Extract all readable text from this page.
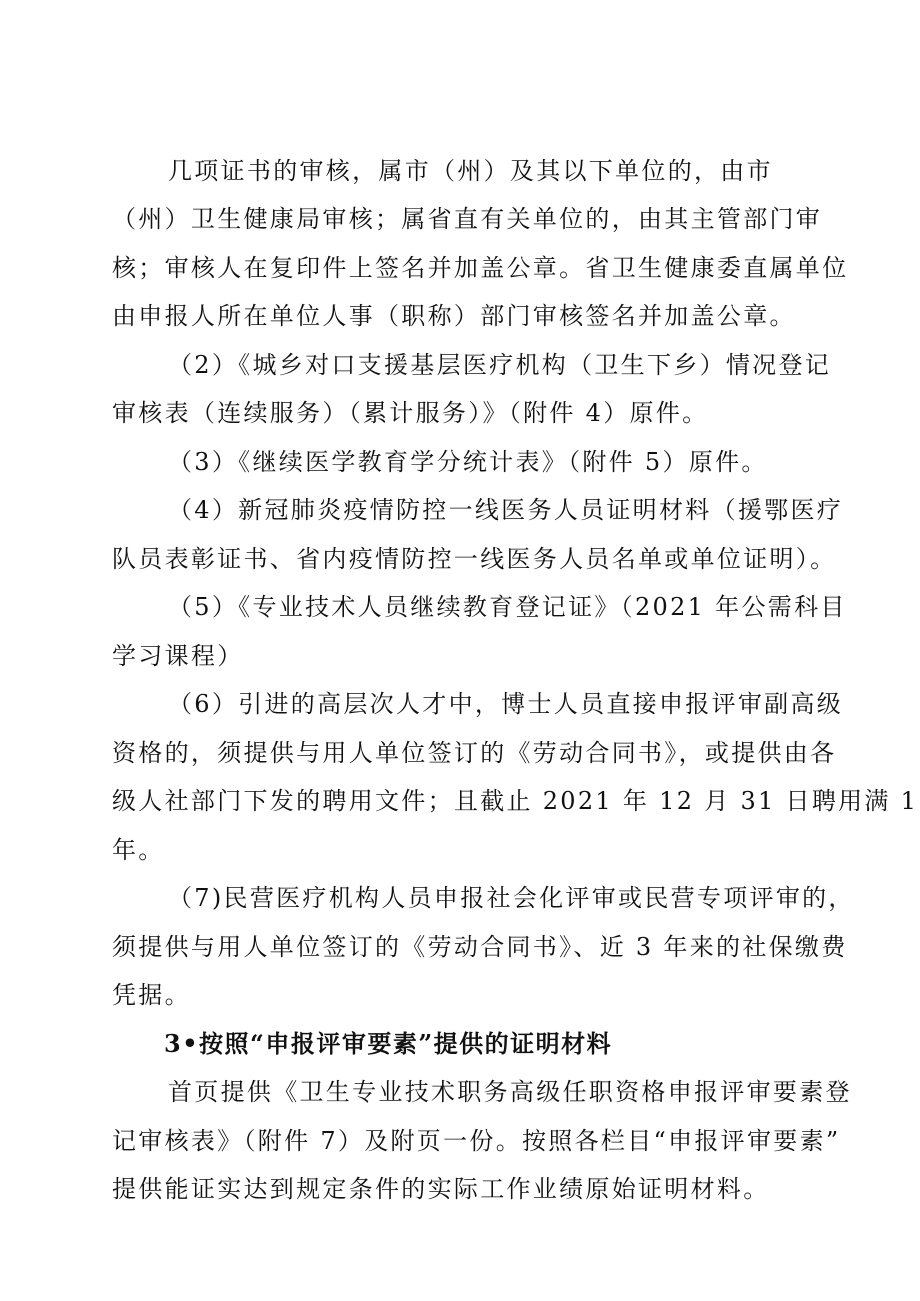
几项证书的审核，属市（州）及其以下单位的，由市
（州）卫生健康局审核；属省直有关单位的，由其主管部门审
核；审核人在复印件上签名并加盖公章。省卫生健康委直属单位
由申报人所在单位人事（职称）部门审核签名并加盖公章。
（2）《城乡对口支援基层医疗机构（卫生下乡）情况登记
审核表（连续服务）（累计服务）》（附件 4）原件。
（3）《继续医学教育学分统计表》（附件 5）原件。
（4）新冠肺炎疫情防控一线医务人员证明材料（援鄂医疗
队员表彰证书、省内疫情防控一线医务人员名单或单位证明）。
（5）《专业技术人员继续教育登记证》（2021 年公需科目
学习课程）
（6）引进的高层次人才中，博士人员直接申报评审副高级
资格的，须提供与用人单位签订的《劳动合同书》，或提供由各
级人社部门下发的聘用文件；且截止 2021 年 12 月 31 日聘用满 1
年。
（7)民营医疗机构人员申报社会化评审或民营专项评审的，
须提供与用人单位签订的《劳动合同书》、近 3 年来的社保缴费
凭据。
3•按照“申报评审要素”提供的证明材料
首页提供《卫生专业技术职务高级任职资格申报评审要素登
记审核表》（附件 7）及附页一份。按照各栏目“申报评审要素”
提供能证实达到规定条件的实际工作业绩原始证明材料。
